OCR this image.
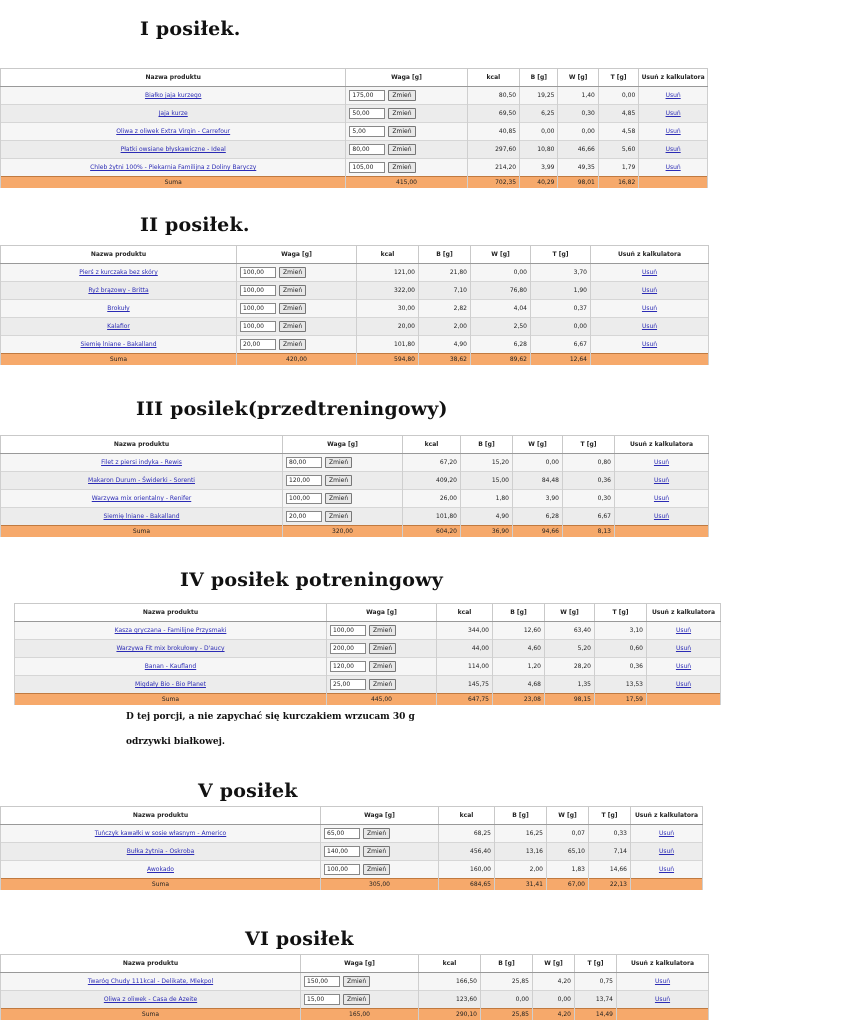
I posiłek.
II posiłek.
III posilek(przedtreningowy)
IV posiłek potreningowy
V posiłek
VI posiłek
Nazwa produktu	Waga [g]	kcal	B [g]	W [g]	T [g]	Usuń z kalkulatora
Białko jaja kurzego	175,00 Zmień	80,50	19,25	1,40	0,00	Usuń
Jaja kurze	50,00 Zmień	69,50	6,25	0,30	4,85	Usuń
Oliwa z oliwek Extra Virgin - Carrefour	5,00 Zmień	40,85	0,00	0,00	4,58	Usuń
Płatki owsiane błyskawiczne - Ideal	80,00 Zmień	297,60	10,80	46,66	5,60	Usuń
Chleb żytni 100% - Piekarnia Familijna z Doliny Baryczy	105,00 Zmień	214,20	3,99	49,35	1,79	Usuń
Suma	415,00	702,35	40,29	98,01	16,82	
Nazwa produktu	Waga [g]	kcal	B [g]	W [g]	T [g]	Usuń z kalkulatora
Pierś z kurczaka bez skóry	100,00 Zmień	121,00	21,80	0,00	3,70	Usuń
Ryż brązowy - Britta	100,00 Zmień	322,00	7,10	76,80	1,90	Usuń
Brokuły	100,00 Zmień	30,00	2,82	4,04	0,37	Usuń
Kalafior	100,00 Zmień	20,00	2,00	2,50	0,00	Usuń
Siemię lniane - Bakalland	20,00 Zmień	101,80	4,90	6,28	6,67	Usuń
Suma	420,00	594,80	38,62	89,62	12,64	
Nazwa produktu	Waga [g]	kcal	B [g]	W [g]	T [g]	Usuń z kalkulatora
Filet z piersi indyka - Rewis	80,00 Zmień	67,20	15,20	0,00	0,80	Usuń
Makaron Durum - Świderki - Sorenti	120,00 Zmień	409,20	15,00	84,48	0,36	Usuń
Warzywa mix orientalny - Renifer	100,00 Zmień	26,00	1,80	3,90	0,30	Usuń
Siemię lniane - Bakalland	20,00 Zmień	101,80	4,90	6,28	6,67	Usuń
Suma	320,00	604,20	36,90	94,66	8,13	
Nazwa produktu	Waga [g]	kcal	B [g]	W [g]	T [g]	Usuń z kalkulatora
Kasza gryczana - Familijne Przysmaki	100,00 Zmień	344,00	12,60	63,40	3,10	Usuń
Warzywa Fit mix brokułowy - D'aucy	200,00 Zmień	44,00	4,60	5,20	0,60	Usuń
Banan - Kaufland	120,00 Zmień	114,00	1,20	28,20	0,36	Usuń
Migdały Bio - Bio Planet	25,00 Zmień	145,75	4,68	1,35	13,53	Usuń
Suma	445,00	647,75	23,08	98,15	17,59	
Nazwa produktu	Waga [g]	kcal	B [g]	W [g]	T [g]	Usuń z kalkulatora
Tuńczyk kawałki w sosie własnym - Americo	65,00 Zmień	68,25	16,25	0,07	0,33	Usuń
Bułka żytnia - Oskroba	140,00 Zmień	456,40	13,16	65,10	7,14	Usuń
Awokado	100,00 Zmień	160,00	2,00	1,83	14,66	Usuń
Suma	305,00	684,65	31,41	67,00	22,13	
Nazwa produktu	Waga [g]	kcal	B [g]	W [g]	T [g]	Usuń z kalkulatora
Twaróg Chudy 111kcal - Delikate, Mlekpol	150,00 Zmień	166,50	25,85	4,20	0,75	Usuń
Oliwa z oliwek - Casa de Azeite	15,00 Zmień	123,60	0,00	0,00	13,74	Usuń
Suma	165,00	290,10	25,85	4,20	14,49	
D tej porcji, a nie zapychać się kurczakiem wrzucam 30 g
odrzywki białkowej.
